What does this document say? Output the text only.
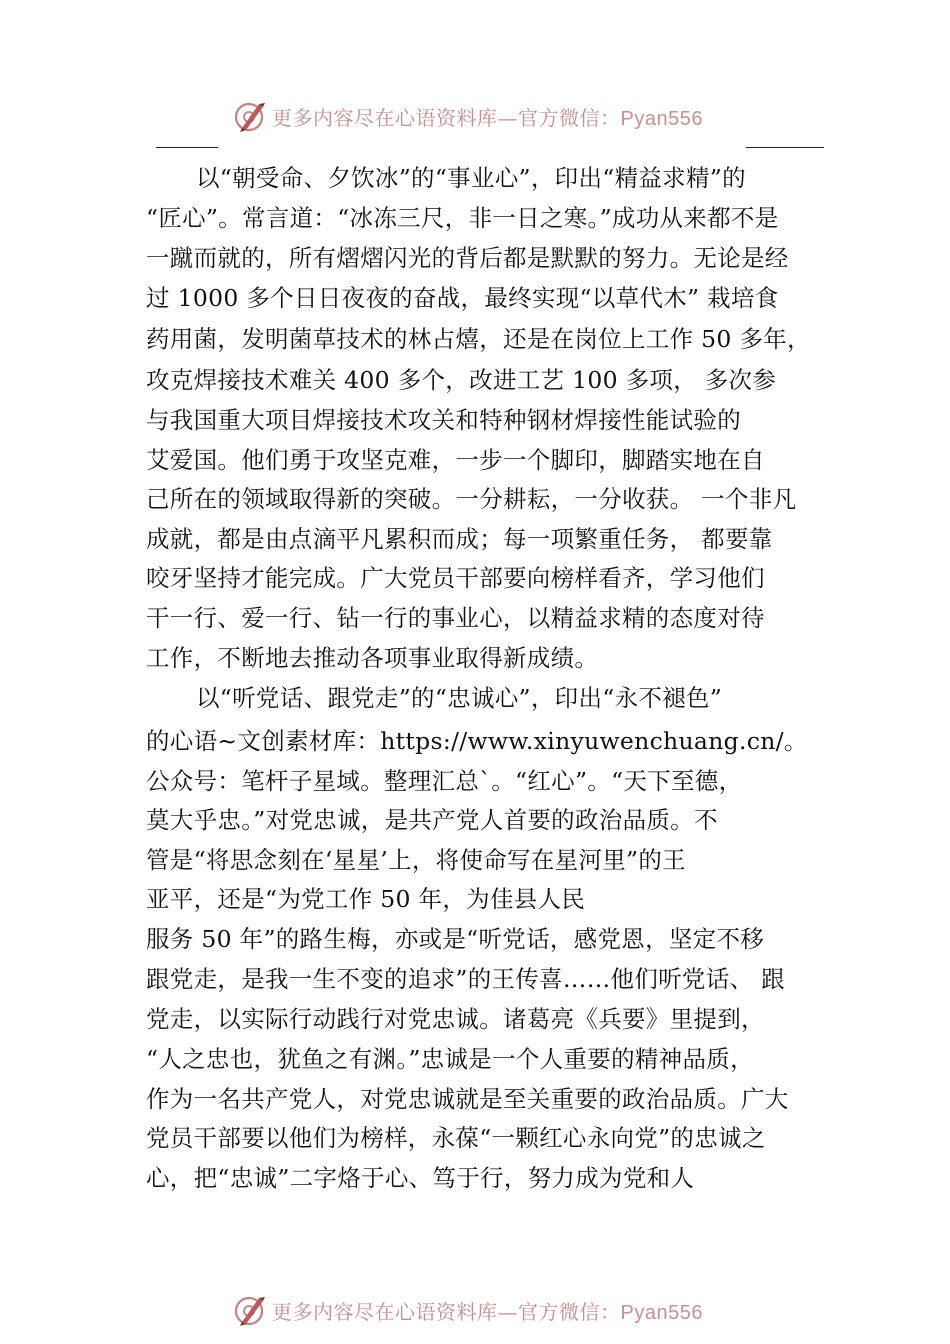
更多内容尽在心语资料库—官方微信：Pyan556
以“朝受命、夕饮冰”的“事业心”，印出“精益求精”的
“匠心”。常言道：“冰冻三尺，非一日之寒。”成功从来都不是
一蹴而就的，所有熠熠闪光的背后都是默默的努力。无论是经
过 1000 多个日日夜夜的奋战，最终实现“以草代木” 栽培食
药用菌，发明菌草技术的林占熺，还是在岗位上工作 50 多年，
攻克焊接技术难关 400 多个，改进工艺 100 多项， 多次参
与我国重大项目焊接技术攻关和特种钢材焊接性能试验的
艾爱国。他们勇于攻坚克难，一步一个脚印，脚踏实地在自
己所在的领域取得新的突破。一分耕耘，一分收获。 一个非凡
成就，都是由点滴平凡累积而成；每一项繁重任务， 都要靠
咬牙坚持才能完成。广大党员干部要向榜样看齐，学习他们
干一行、爱一行、钻一行的事业心，以精益求精的态度对待
工作，不断地去推动各项事业取得新成绩。
以“听党话、跟党走”的“忠诚心”，印出“永不褪色”
的心语~文创素材库：https://www.xinyuwenchuang.cn/。
公众号：笔杆子星域。整理汇总`。“红心”。“天下至德，
莫大乎忠。”对党忠诚，是共产党人首要的政治品质。不
管是“将思念刻在‘星星’上，将使命写在星河里”的王
亚平，还是“为党工作 50 年，为佳县人民
服务 50 年”的路生梅，亦或是“听党话，感党恩，坚定不移
跟党走，是我一生不变的追求”的王传喜……他们听党话、 跟
党走，以实际行动践行对党忠诚。诸葛亮《兵要》里提到，
“人之忠也，犹鱼之有渊。”忠诚是一个人重要的精神品质，
作为一名共产党人，对党忠诚就是至关重要的政治品质。广大
党员干部要以他们为榜样，永葆“一颗红心永向党”的忠诚之
心，把“忠诚”二字烙于心、笃于行，努力成为党和人
更多内容尽在心语资料库—官方微信：Pyan556
